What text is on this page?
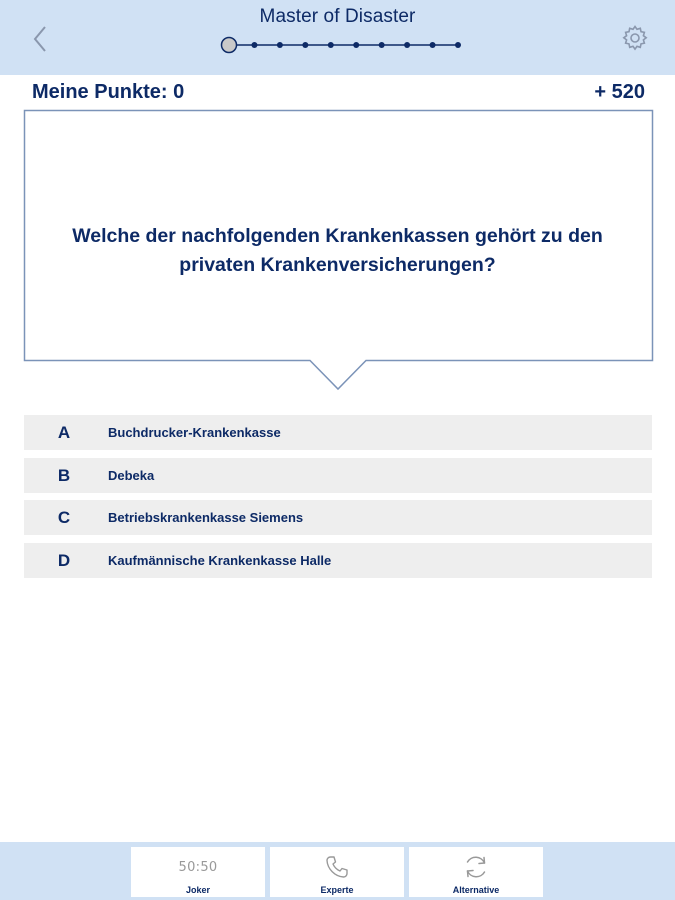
Master of Disaster
Meine Punkte: 0	+ 520
Welche der nachfolgenden Krankenkassen gehört zu den
privaten Krankenversicherungen?
A	Buchdrucker-Krankenkasse
B	Debeka
C	Betriebskrankenkasse Siemens
D	Kaufmännische Krankenkasse Halle
50:50
Joker	Experte	Alternative
